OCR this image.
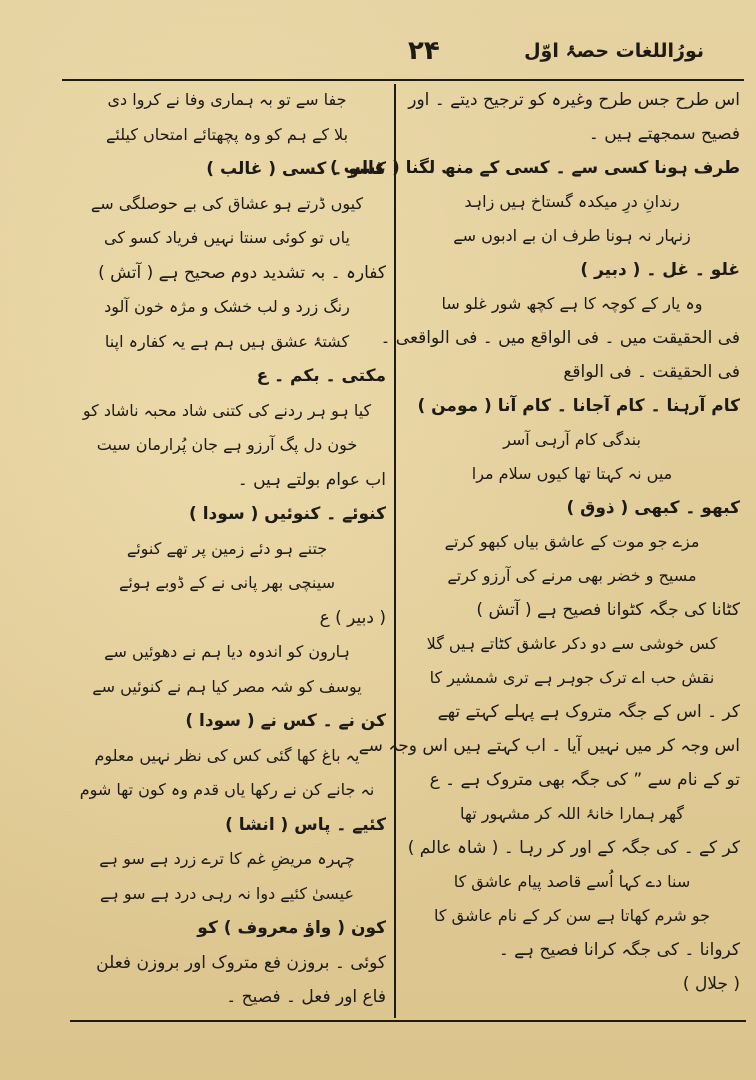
۲۴	نورُاللغات حصۂ اوّل
اس طرح جس طرح وغیرہ کو ترجیح دیتے ۔ اور
فصیح سمجھتے ہیں ۔
طرف ہونا کسی سے ۔ کسی کے منھ لگنا ( غالب )
رندانِ درِ میکدہ گستاخ ہیں زاہد
زنہار نہ ہونا طرف ان بے ادبوں سے
غلو ۔ غل ۔ ( دبیر )
وہ یار کے کوچہ کا ہے کچھ شور غلو سا
فی الحقیقت میں ۔ فی الواقع میں ۔ فی الواقعی ۔
فی الحقیقت ۔ فی الواقع
کام آرہنا ۔ کام آجانا ۔ کام آنا ( مومن )
بندگی کام آرہی آسر
میں نہ کہتا تھا کیوں سلام مرا
کبھو ۔ کبھی ( ذوق )
مزے جو موت کے عاشق بیاں کبھو کرتے
مسیح و خضر بھی مرنے کی آرزو کرتے
کٹانا کی جگہ کٹوانا فصیح ہے ( آتش )
کس خوشی سے دو دکر عاشق کٹاتے ہیں گلا
نقش حب اے ترک جوہر ہے تری شمشیر کا
کر ۔ اس کے جگہ متروک ہے پہلے کہتے تھے
اس وجہ کر میں نہیں آیا ۔ اب کہتے ہیں اس وجہ سے
تو کے نام سے ” کی جگہ بھی متروک ہے ۔ ع
گھر ہمارا خانۂ اللہ کر مشہور تھا
کر کے ۔ کی جگہ کے اور کر رہا ۔ ( شاہ عالم )
سنا دے کہا اُسے قاصد پیام عاشق کا
جو شرم کھاتا ہے سن کر کے نام عاشق کا
کروانا ۔ کی جگہ کرانا فصیح ہے ۔
( جلال )
جفا سے تو بہ ہماری وفا نے کروا دی
بلا کے ہم کو وہ پچھتائے امتحاں کیلئے
کسو ۔ کسی ( غالب )
کیوں ڈرتے ہو عشاق کی بے حوصلگی سے
یاں تو کوئی سنتا نہیں فریاد کسو کی
کفارہ ۔ بہ تشدید دوم صحیح ہے ( آتش )
رنگ زرد و لب خشک و مژہ خون آلود
کشتۂ عشق ہیں ہم ہے یہ کفارہ اپنا
مکتی ۔ بکم ۔ ع
کیا ہو ہر ردنے کی کتنی شاد محبہ ناشاد کو
خون دل پگ آرزو ہے جان پُرارمان سیت
اب عوام بولتے ہیں ۔
کنوئے ۔ کنوئیں ( سودا )
جتنے ہو دئے زمین پر تھے کنوئے
سینچی بھر پانی نے کے ڈوبے ہوئے
( دبیر ) ع
ہارون کو اندوہ دیا ہم نے دھوئیں سے
یوسف کو شہ مصر کیا ہم نے کنوئیں سے
کن نے ۔ کس نے ( سودا )
یہ باغ کھا گئی کس کی نظر نہیں معلوم
نہ جانے کن نے رکھا یاں قدم وہ کون تھا شوم
کئیے ۔ پاس ( انشا )
چہرہ مریضِ غم کا ترے زرد ہے سو ہے
عیسیٰ کئیے دوا نہ رہی درد ہے سو ہے
کون ( واؤ معروف ) کو
کوئی ۔ بروزن فع متروک اور بروزن فعلن
فاع اور فعل ۔ فصیح ۔
